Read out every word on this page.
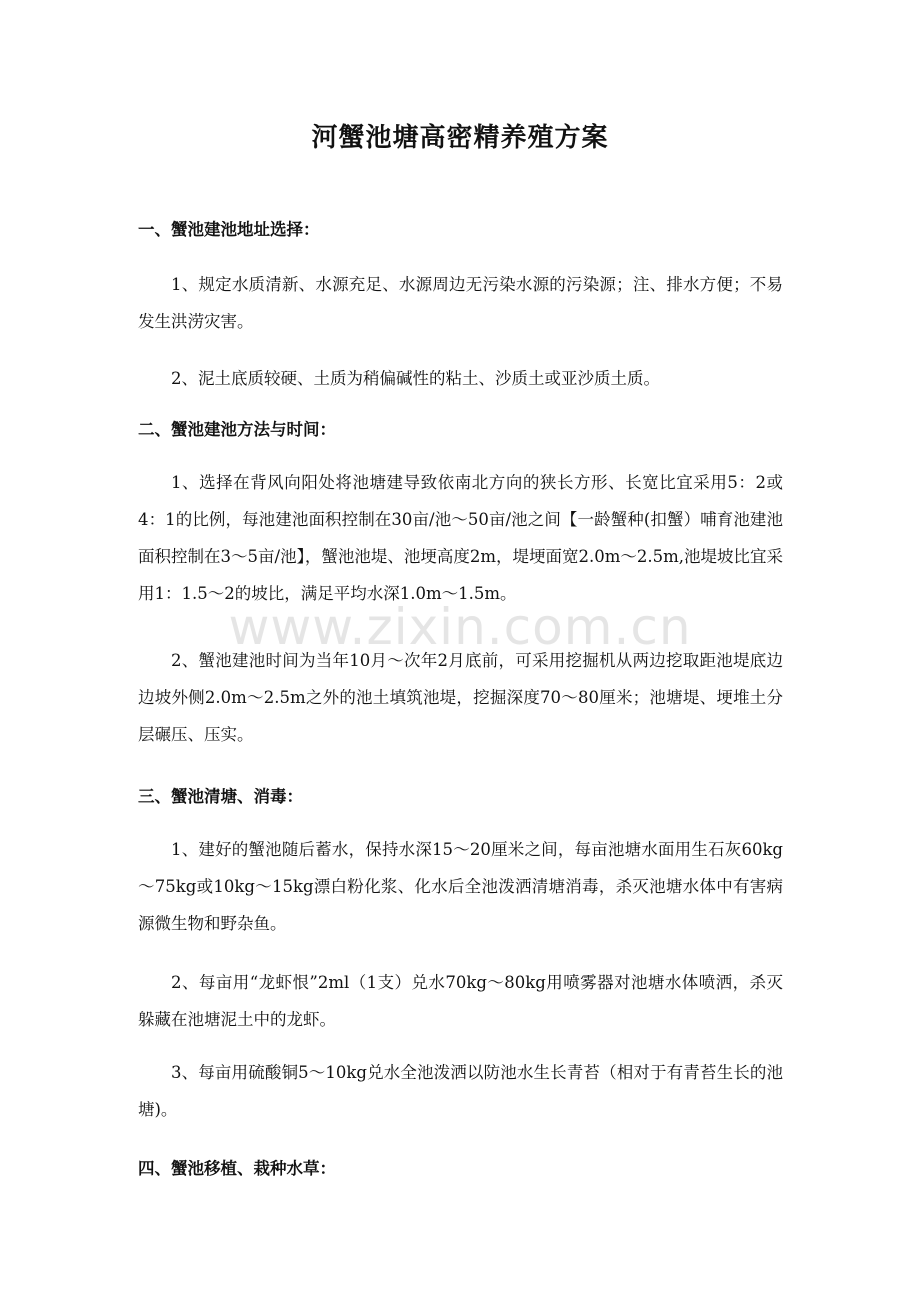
www.zixin.com.cn
河蟹池塘高密精养殖方案
一、蟹池建池地址选择：

1、规定水质清新、水源充足、水源周边无污染水源的污染源；注、排水方便；不易发生洪涝灾害。

2、泥土底质较硬、土质为稍偏碱性的粘土、沙质土或亚沙质土质。

二、蟹池建池方法与时间：

1、选择在背风向阳处将池塘建导致依南北方向的狭长方形、长宽比宜采用5：2或4：1的比例，每池建池面积控制在30亩/池～50亩/池之间【一龄蟹种(扣蟹）哺育池建池面积控制在3～5亩/池】，蟹池池堤、池埂高度2m，堤埂面宽2.0m～2.5m,池堤坡比宜采用1：1.5～2的坡比，满足平均水深1.0m～1.5m。

2、蟹池建池时间为当年10月～次年2月底前，可采用挖掘机从两边挖取距池堤底边边坡外侧2.0m～2.5m之外的池土填筑池堤，挖掘深度70～80厘米；池塘堤、埂堆土分层碾压、压实。

三、蟹池清塘、消毒：

1、建好的蟹池随后蓄水，保持水深15～20厘米之间，每亩池塘水面用生石灰60kg～75kg或10kg～15kg漂白粉化浆、化水后全池泼洒清塘消毒，杀灭池塘水体中有害病源微生物和野杂鱼。

2、每亩用“龙虾恨”2ml（1支）兑水70kg～80kg用喷雾器对池塘水体喷洒，杀灭躲藏在池塘泥土中的龙虾。

3、每亩用硫酸铜5～10kg兑水全池泼洒以防池水生长青苔（相对于有青苔生长的池塘)。

四、蟹池移植、栽种水草：
